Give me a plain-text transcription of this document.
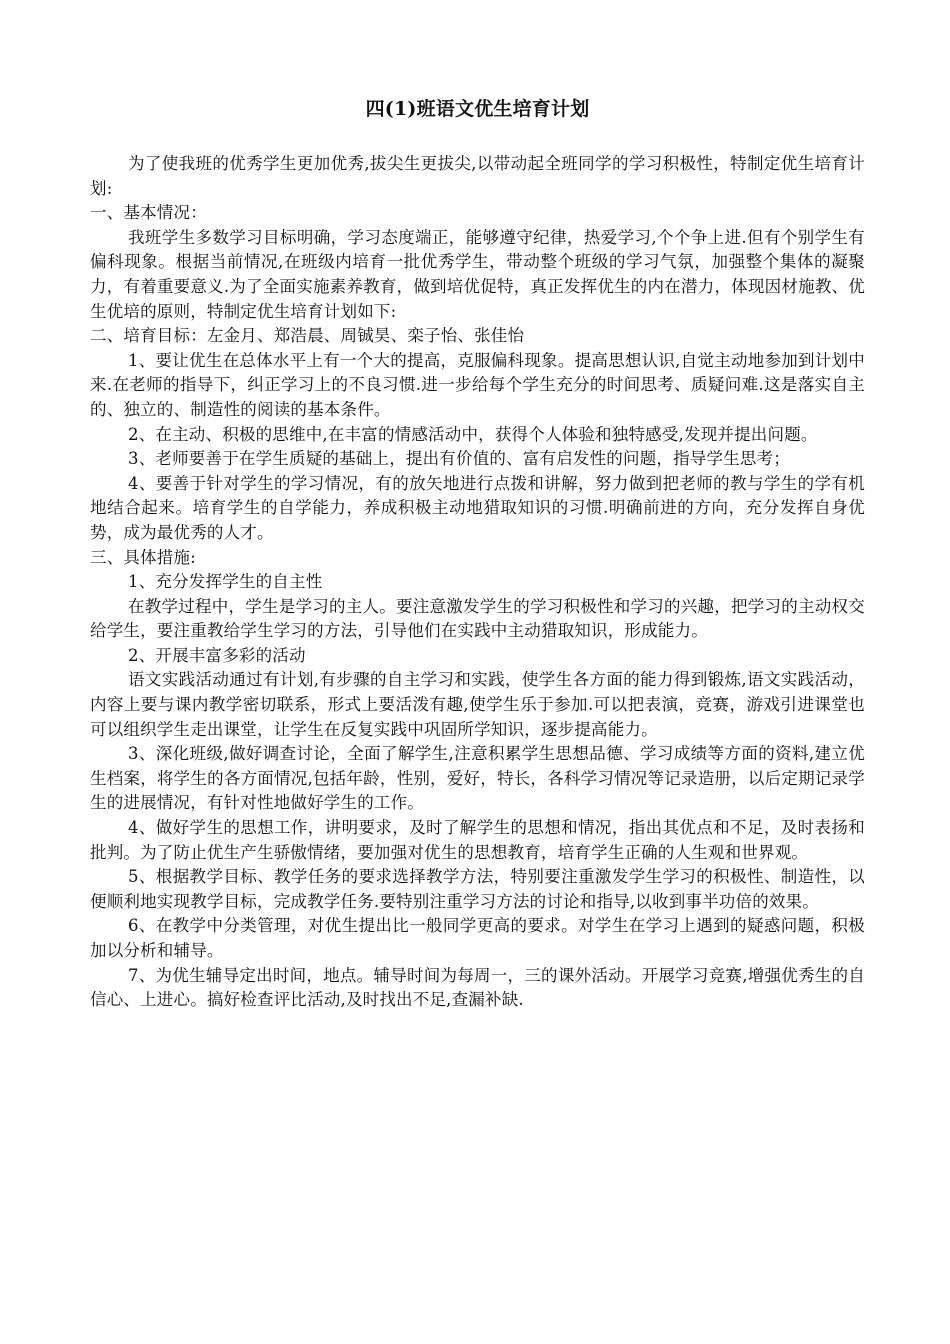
四(1)班语文优生培育计划

为了使我班的优秀学生更加优秀,拔尖生更拔尖,以带动起全班同学的学习积极性，特制定优生培育计划:

一、基本情况：

我班学生多数学习目标明确，学习态度端正，能够遵守纪律，热爱学习,个个争上进.但有个别学生有偏科现象。根据当前情况,在班级内培育一批优秀学生，带动整个班级的学习气氛，加强整个集体的凝聚力，有着重要意义.为了全面实施素养教育，做到培优促特，真正发挥优生的内在潜力，体现因材施教、优生优培的原则，特制定优生培育计划如下:

二、培育目标：左金月、郑浩晨、周铖昊、栾子怡、张佳怡

1、要让优生在总体水平上有一个大的提高，克服偏科现象。提高思想认识,自觉主动地参加到计划中来.在老师的指导下，纠正学习上的不良习惯.进一步给每个学生充分的时间思考、质疑问难.这是落实自主的、独立的、制造性的阅读的基本条件。

2、在主动、积极的思维中,在丰富的情感活动中，获得个人体验和独特感受,发现并提出问题。

3、老师要善于在学生质疑的基础上，提出有价值的、富有启发性的问题，指导学生思考；

4、要善于针对学生的学习情况，有的放矢地进行点拨和讲解，努力做到把老师的教与学生的学有机地结合起来。培育学生的自学能力，养成积极主动地猎取知识的习惯.明确前进的方向，充分发挥自身优势，成为最优秀的人才。

三、具体措施:

1、充分发挥学生的自主性

在教学过程中，学生是学习的主人。要注意激发学生的学习积极性和学习的兴趣，把学习的主动权交给学生，要注重教给学生学习的方法，引导他们在实践中主动猎取知识，形成能力。

2、开展丰富多彩的活动

语文实践活动通过有计划,有步骤的自主学习和实践，使学生各方面的能力得到锻炼,语文实践活动，内容上要与课内教学密切联系，形式上要活泼有趣,使学生乐于参加.可以把表演，竞赛，游戏引进课堂也可以组织学生走出课堂，让学生在反复实践中巩固所学知识，逐步提高能力。

3、深化班级,做好调查讨论，全面了解学生,注意积累学生思想品德、学习成绩等方面的资料,建立优生档案，将学生的各方面情况,包括年龄，性别，爱好，特长，各科学习情况等记录造册，以后定期记录学生的进展情况，有针对性地做好学生的工作。

4、做好学生的思想工作，讲明要求，及时了解学生的思想和情况，指出其优点和不足，及时表扬和批判。为了防止优生产生骄傲情绪，要加强对优生的思想教育，培育学生正确的人生观和世界观。

5、根据教学目标、教学任务的要求选择教学方法，特别要注重激发学生学习的积极性、制造性，以便顺利地实现教学目标，完成教学任务.要特别注重学习方法的讨论和指导,以收到事半功倍的效果。

6、在教学中分类管理，对优生提出比一般同学更高的要求。对学生在学习上遇到的疑惑问题，积极加以分析和辅导。

7、为优生辅导定出时间，地点。辅导时间为每周一，三的课外活动。开展学习竞赛,增强优秀生的自信心、上进心。搞好检查评比活动,及时找出不足,查漏补缺.
